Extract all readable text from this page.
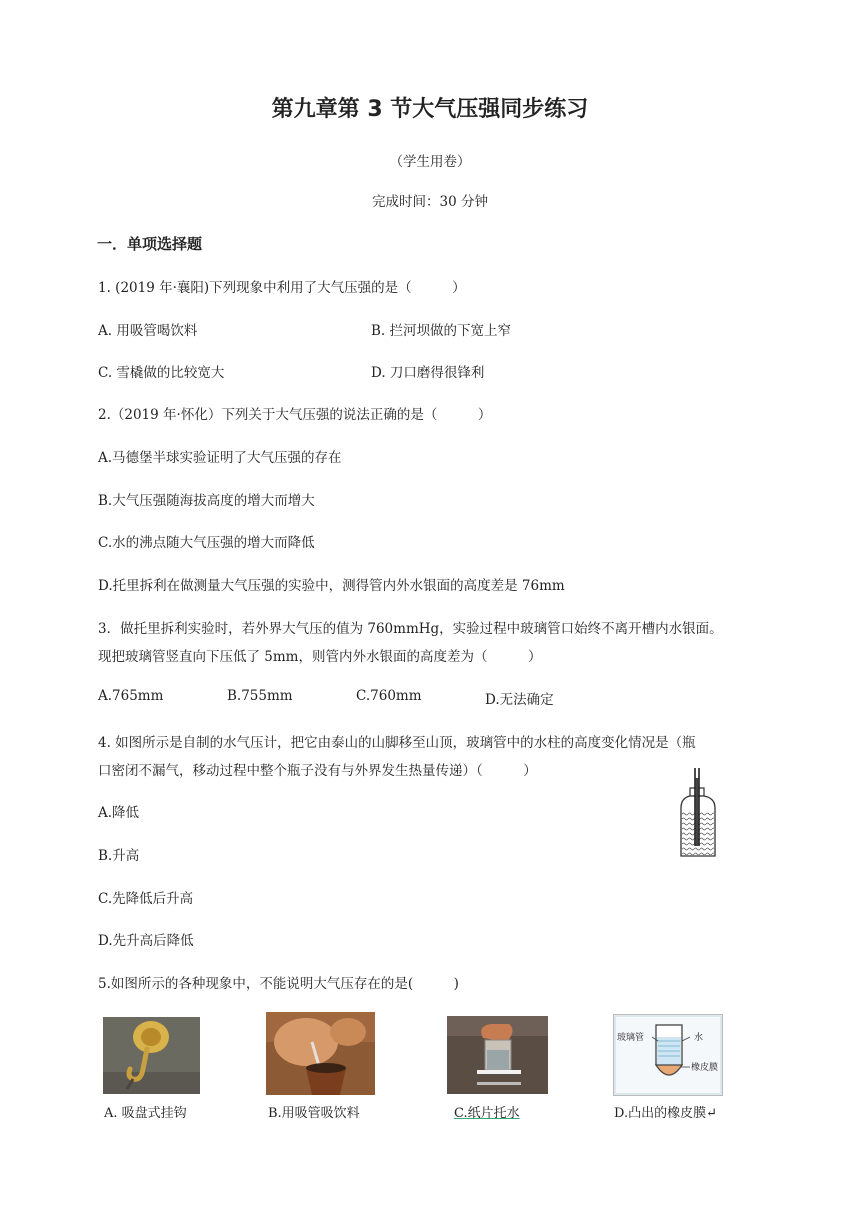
第九章第 3 节大气压强同步练习
（学生用卷）
完成时间：30 分钟
一．单项选择题
1. (2019 年·襄阳)下列现象中利用了大气压强的是（　　　）
A. 用吸管喝饮料	B. 拦河坝做的下宽上窄
C. 雪橇做的比较宽大	D. 刀口磨得很锋利
2.（2019 年·怀化）下列关于大气压强的说法正确的是（　　　）
A.马德堡半球实验证明了大气压强的存在
B.大气压强随海拔高度的增大而增大
C.水的沸点随大气压强的增大而降低
D.托里拆利在做测量大气压强的实验中，测得管内外水银面的高度差是 76mm
3．做托里拆利实验时，若外界大气压的值为 760mmHg，实验过程中玻璃管口始终不离开槽内水银面。
现把玻璃管竖直向下压低了 5mm，则管内外水银面的高度差为（　　　）
A.765mm	B.755mm	C.760mm	D.无法确定
4. 如图所示是自制的水气压计，把它由泰山的山脚移至山顶，玻璃管中的水柱的高度变化情况是（瓶
口密闭不漏气，移动过程中整个瓶子没有与外界发生热量传递）（　　　）
A.降低
B.升高
C.先降低后升高
D.先升高后降低
5.如图所示的各种现象中，不能说明大气压存在的是(　　　)
玻璃管	水
橡皮膜
A. 吸盘式挂钩	B.用吸管吸饮料	C.纸片托水	D.凸出的橡皮膜↵
